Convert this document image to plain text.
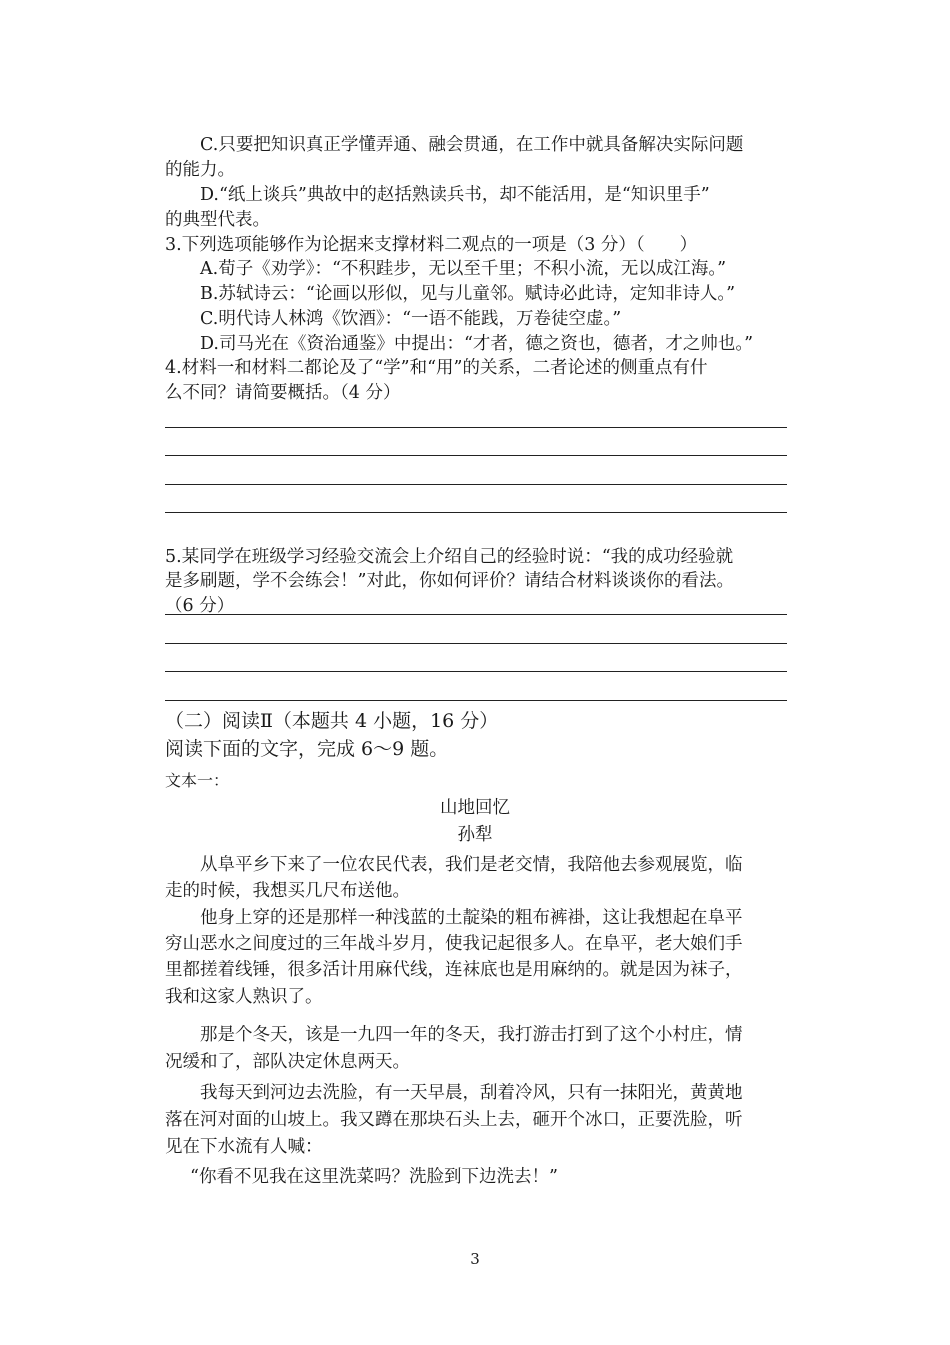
C.只要把知识真正学懂弄通、融会贯通，在工作中就具备解决实际问题
的能力。
D.“纸上谈兵”典故中的赵括熟读兵书，却不能活用，是“知识里手”
的典型代表。
3.下列选项能够作为论据来支撑材料二观点的一项是（3 分）（　　）
A.荀子《劝学》：“不积跬步，无以至千里；不积小流，无以成江海。”
B.苏轼诗云：“论画以形似，见与儿童邻。赋诗必此诗，定知非诗人。”
C.明代诗人林鸿《饮酒》：“一语不能践，万卷徒空虚。”
D.司马光在《资治通鉴》中提出：“才者，德之资也，德者，才之帅也。”
4.材料一和材料二都论及了“学”和“用”的关系，二者论述的侧重点有什
么不同？请简要概括。（4 分）
5.某同学在班级学习经验交流会上介绍自己的经验时说：“我的成功经验就
是多刷题，学不会练会！”对此，你如何评价？请结合材料谈谈你的看法。
（6 分）
（二）阅读Ⅱ（本题共 4 小题，16 分）
阅读下面的文字，完成 6～9 题。
文本一：
山地回忆
孙犁
从阜平乡下来了一位农民代表，我们是老交情，我陪他去参观展览，临
走的时候，我想买几尺布送他。
他身上穿的还是那样一种浅蓝的土靛染的粗布裤褂，这让我想起在阜平
穷山恶水之间度过的三年战斗岁月，使我记起很多人。在阜平，老大娘们手
里都搓着线锤，很多活计用麻代线，连袜底也是用麻纳的。就是因为袜子，
我和这家人熟识了。
那是个冬天，该是一九四一年的冬天，我打游击打到了这个小村庄，情
况缓和了，部队决定休息两天。
我每天到河边去洗脸，有一天早晨，刮着冷风，只有一抹阳光，黄黄地
落在河对面的山坡上。我又蹲在那块石头上去，砸开个冰口，正要洗脸，听
见在下水流有人喊：
“你看不见我在这里洗菜吗？洗脸到下边洗去！”
3
